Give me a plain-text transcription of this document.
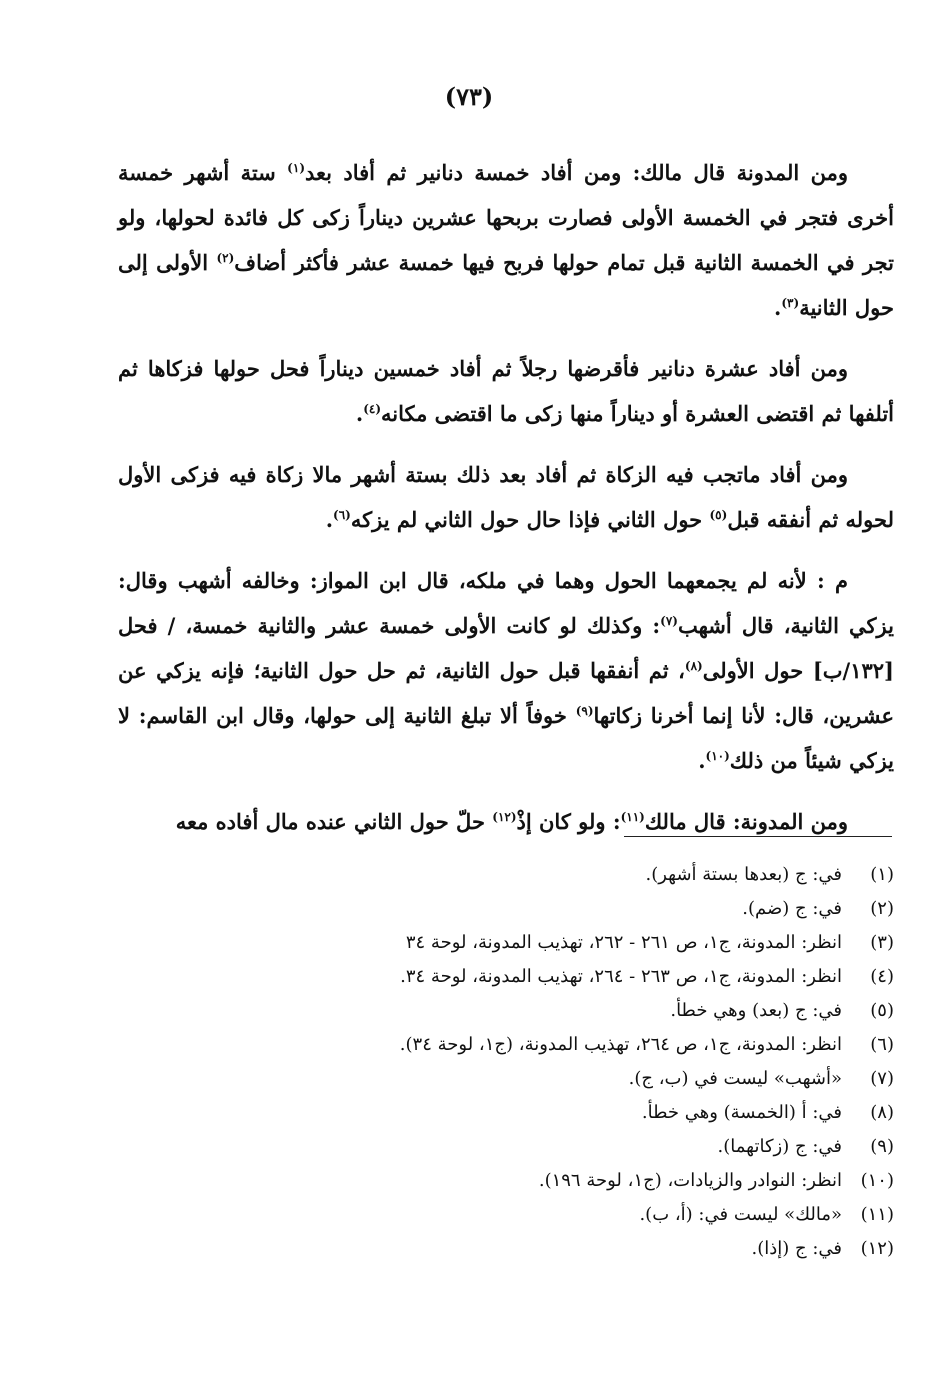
(٧٣)

ومن المدونة قال مالك: ومن أفاد خمسة دنانير ثم أفاد بعد$^{(١)}$ ستة أشهر خمسة أخرى فتجر في الخمسة الأولى فصارت بربحها عشرين ديناراً زكى كل فائدة لحولها، ولو تجر في الخمسة الثانية قبل تمام حولها فربح فيها خمسة عشر فأكثر أضاف$^{(٢)}$ الأولى إلى حول الثانية$^{(٣)}$.

ومن أفاد عشرة دنانير فأقرضها رجلاً ثم أفاد خمسين ديناراً فحل حولها فزكاها ثم أتلفها ثم اقتضى العشرة أو ديناراً منها زكى ما اقتضى مكانه$^{(٤)}$.

ومن أفاد ماتجب فيه الزكاة ثم أفاد بعد ذلك بستة أشهر مالا زكاة فيه فزكى الأول لحوله ثم أنفقه قبل$^{(٥)}$ حول الثاني فإذا حال حول الثاني لم يزكه$^{(٦)}$.

م : لأنه لم يجمعهما الحول وهما في ملكه، قال ابن المواز: وخالفه أشهب وقال: يزكي الثانية، قال أشهب$^{(٧)}$: وكذلك لو كانت الأولى خمسة عشر والثانية خمسة، / فحل [١٣٢/ب] حول الأولى$^{(٨)}$، ثم أنفقها قبل حول الثانية، ثم حل حول الثانية؛ فإنه يزكي عن عشرين، قال: لأنا إنما أخرنا زكاتها$^{(٩)}$ خوفاً ألا تبلغ الثانية إلى حولها، وقال ابن القاسم: لا يزكي شيئاً من ذلك$^{(١٠)}$.

ومن المدونة: قال مالك$^{(١١)}$: ولو كان إذْ$^{(١٢)}$ حلّ حول الثاني عنده مال أفاده معه

(١)
في: ج (بعدها بستة أشهر).
(٢)
في: ج (ضم).
(٣)
انظر: المدونة، ج١، ص ٢٦١ - ٢٦٢، تهذيب المدونة، لوحة ٣٤
(٤)
انظر: المدونة، ج١، ص ٢٦٣ - ٢٦٤، تهذيب المدونة، لوحة ٣٤.
(٥)
في: ج (بعد) وهي خطأ.
(٦)
انظر: المدونة، ج١، ص ٢٦٤، تهذيب المدونة، (ج١، لوحة ٣٤).
(٧)
«أشهب» ليست في (ب، ج).
(٨)
في: أ (الخمسة) وهي خطأ.
(٩)
في: ج (زكاتهما).
(١٠)
انظر: النوادر والزيادات، (ج١، لوحة ١٩٦).
(١١)
«مالك» ليست في: (أ، ب).
(١٢)
في: ج (إذا).
